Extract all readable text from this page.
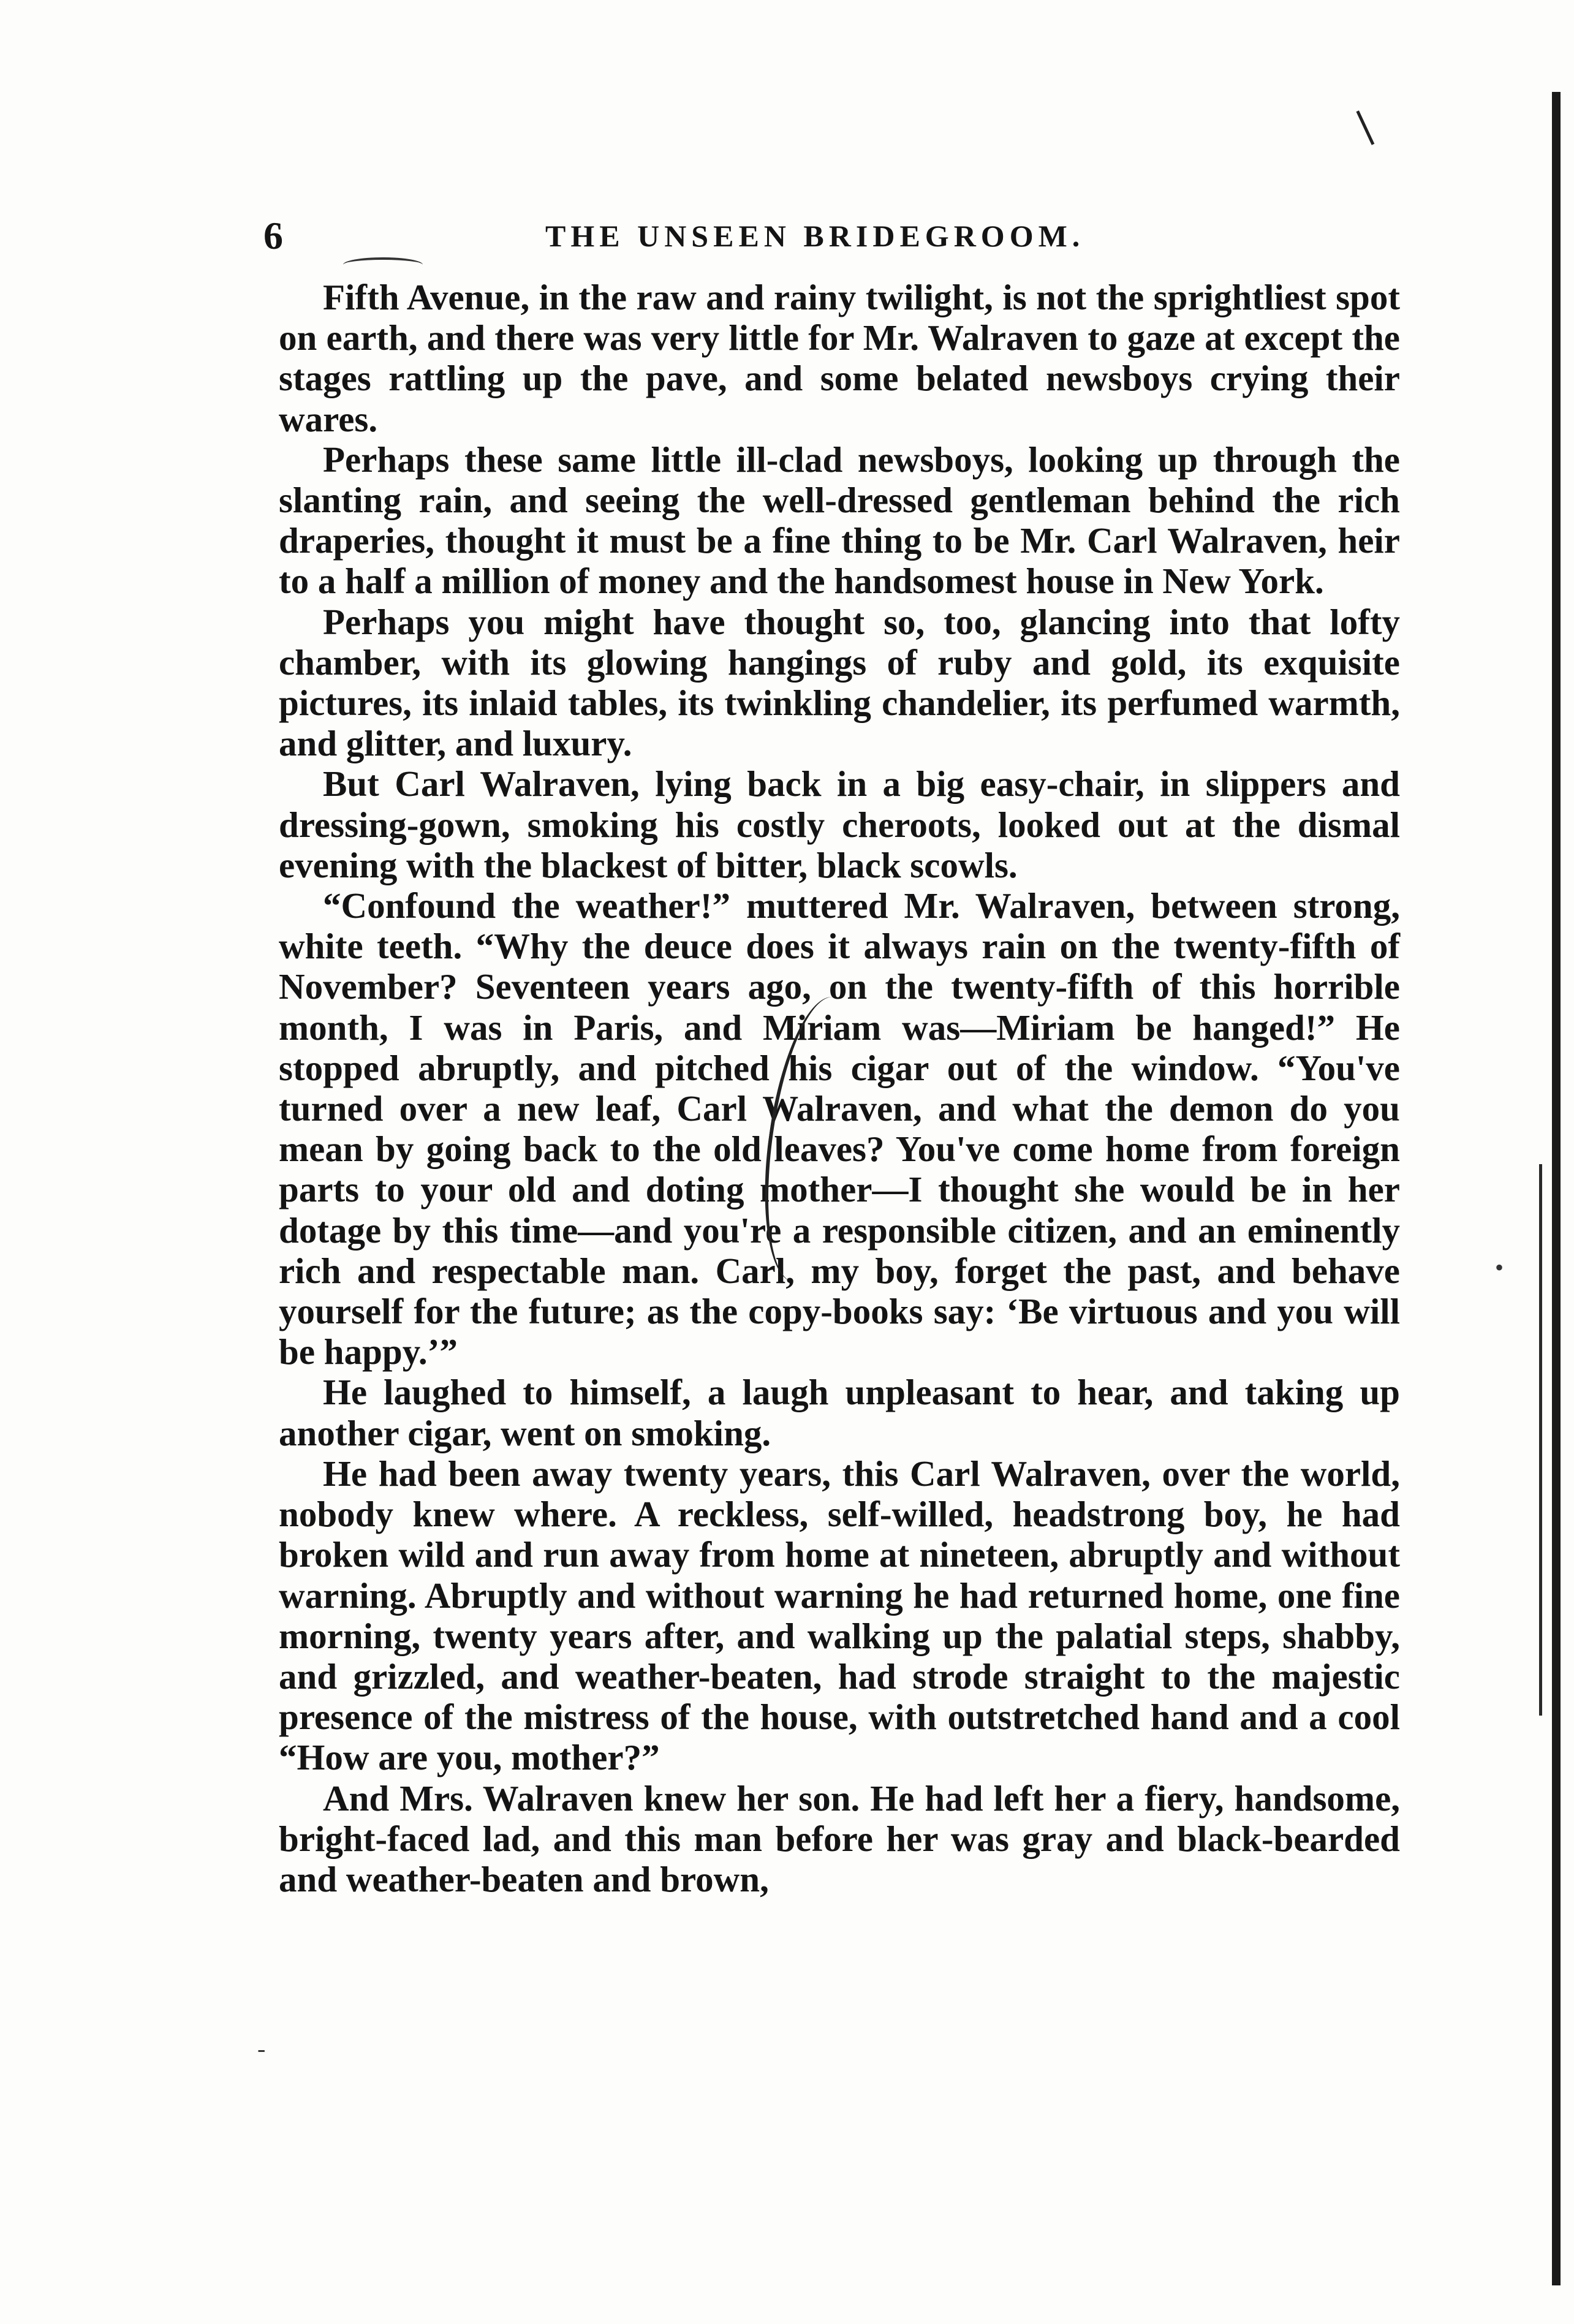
6	THE UNSEEN BRIDEGROOM.

Fifth Avenue, in the raw and rainy twilight, is not the sprightliest spot on earth, and there was very little for Mr. Walraven to gaze at except the stages rattling up the pave, and some belated newsboys crying their wares.

Perhaps these same little ill-clad newsboys, looking up through the slanting rain, and seeing the well-dressed gentleman behind the rich draperies, thought it must be a fine thing to be Mr. Carl Walraven, heir to a half a million of money and the handsomest house in New York.

Perhaps you might have thought so, too, glancing into that lofty chamber, with its glowing hangings of ruby and gold, its exquisite pictures, its inlaid tables, its twinkling chandelier, its perfumed warmth, and glitter, and luxury.

But Carl Walraven, lying back in a big easy-chair, in slippers and dressing-gown, smoking his costly cheroots, looked out at the dismal evening with the blackest of bitter, black scowls.

“Confound the weather!” muttered Mr. Walraven, between strong, white teeth. “Why the deuce does it always rain on the twenty-fifth of November? Seventeen years ago, on the twenty-fifth of this horrible month, I was in Paris, and Miriam was—Miriam be hanged!” He stopped abruptly, and pitched his cigar out of the window. “You've turned over a new leaf, Carl Walraven, and what the demon do you mean by going back to the old leaves? You've come home from foreign parts to your old and doting mother—I thought she would be in her dotage by this time—and you're a responsible citizen, and an eminently rich and respectable man. Carl, my boy, forget the past, and behave yourself for the future; as the copy-books say: ‘Be virtuous and you will be happy.’”

He laughed to himself, a laugh unpleasant to hear, and taking up another cigar, went on smoking.

He had been away twenty years, this Carl Walraven, over the world, nobody knew where. A reckless, self-willed, headstrong boy, he had broken wild and run away from home at nineteen, abruptly and without warning. Abruptly and without warning he had returned home, one fine morning, twenty years after, and walking up the palatial steps, shabby, and grizzled, and weather-beaten, had strode straight to the majestic presence of the mistress of the house, with outstretched hand and a cool “How are you, mother?”

And Mrs. Walraven knew her son. He had left her a fiery, handsome, bright-faced lad, and this man before her was gray and black-bearded and weather-beaten and brown,

•
-
